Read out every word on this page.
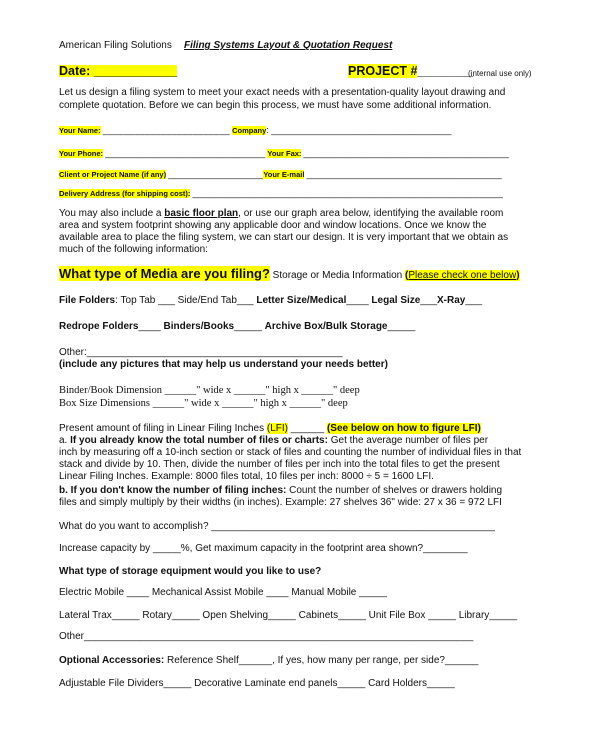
American Filing Solutions Filing Systems Layout & Quotation Request
Date: ____________	PROJECT #________
(internal use only)
Let us design a filing system to meet your exact needs with a presentation-quality layout drawing and
complete quotation. Before we can begin this process, we must have some additional information.
Your Name: ________________________ Company: ____________________________________
Your Phone: ________________________________ Your Fax: _________________________________________
Client or Project Name (if any) ___________________Your E-mail _______________________________________
Delivery Address (for shipping cost): ______________________________________________________________
You may also include a basic floor plan, or use our graph area below, identifying the available room
area and system footprint showing any applicable door and window locations. Once we know the
available area to place the filing system, we can start our design. It is very important that we obtain as
much of the following information:
What type of Media are you filing? Storage or Media Information (Please check one below)
File Folders: Top Tab ___ Side/End Tab___ Letter Size/Medical____ Legal Size___X-Ray___
Redrope Folders____ Binders/Books_____ Archive Box/Bulk Storage_____
Other:______________________________________________
(include any pictures that may help us understand your needs better)
Binder/Book Dimension ______" wide x ______" high x ______" deep
Box Size Dimensions ______" wide x ______" high x ______" deep
Present amount of filing in Linear Filing Inches (LFI) ______ (See below on how to figure LFI)
a. If you already know the total number of files or charts: Get the average number of files per
inch by measuring off a 10-inch section or stack of files and counting the number of individual files in that
stack and divide by 10. Then, divide the number of files per inch into the total files to get the present
Linear Filing Inches. Example: 8000 files total, 10 files per inch: 8000 ÷ 5 = 1600 LFI.
b. If you don't know the number of filing inches: Count the number of shelves or drawers holding
files and simply multiply by their widths (in inches). Example: 27 shelves 36" wide: 27 x 36 = 972 LFI
What do you want to accomplish? ___________________________________________________
Increase capacity by _____%, Get maximum capacity in the footprint area shown?________
What type of storage equipment would you like to use?
Electric Mobile ____ Mechanical Assist Mobile ____ Manual Mobile _____
Lateral Trax_____ Rotary_____ Open Shelving_____ Cabinets_____ Unit File Box _____ Library_____
Other______________________________________________________________________
Optional Accessories: Reference Shelf______, If yes, how many per range, per side?______
Adjustable File Dividers_____ Decorative Laminate end panels_____ Card Holders_____
